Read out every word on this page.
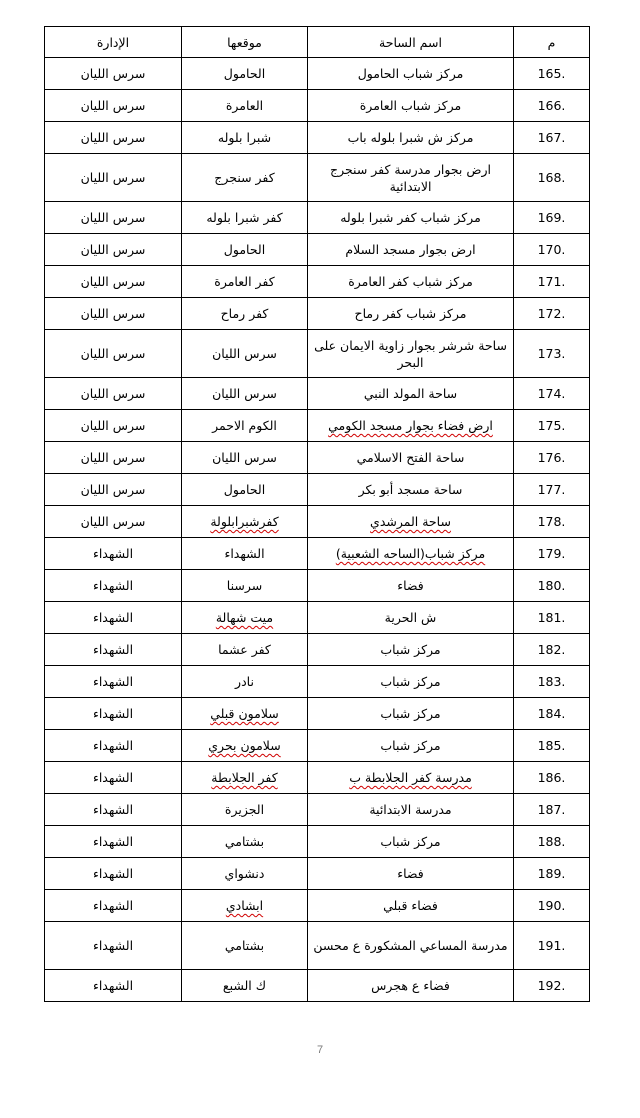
م	اسم الساحة	موقعها	الإدارة
165.	مركز شباب الحامول	الحامول	سرس الليان
166.	مركز شباب العامرة	العامرة	سرس الليان
167.	مركز ش شبرا بلوله باب	شبرا بلوله	سرس الليان
168.	ارض بجوار مدرسة كفر سنجرج الابتدائية	كفر سنجرج	سرس الليان
169.	مركز شباب كفر شبرا بلوله	كفر شبرا بلوله	سرس الليان
170.	ارض بجوار مسجد السلام	الحامول	سرس الليان
171.	مركز شباب كفر العامرة	كفر العامرة	سرس الليان
172.	مركز شباب كفر رماح	كفر رماح	سرس الليان
173.	ساحة شرشر بجوار زاوية الايمان على البحر	سرس الليان	سرس الليان
174.	ساحة المولد النبي	سرس الليان	سرس الليان
175.	ارض فضاء بجوار مسجد الكومي	الكوم الاحمر	سرس الليان
176.	ساحة الفتح الاسلامي	سرس الليان	سرس الليان
177.	ساحة مسجد أبو بكر	الحامول	سرس الليان
178.	ساحة المرشدي	كفرشبرابلولة	سرس الليان
179.	مركز شباب(الساحه الشعبية)	الشهداء	الشهداء
180.	فضاء	سرسنا	الشهداء
181.	ش الحرية	ميت شهالة	الشهداء
182.	مركز شباب	كفر عشما	الشهداء
183.	مركز شباب	نادر	الشهداء
184.	مركز شباب	سلامون قبلي	الشهداء
185.	مركز شباب	سلامون بحري	الشهداء
186.	مدرسة كفر الجلابطة ب	كفر الجلابطة	الشهداء
187.	مدرسة الابتدائية	الجزيرة	الشهداء
188.	مركز شباب	بشتامي	الشهداء
189.	فضاء	دنشواي	الشهداء
190.	فضاء قبلي	ابشادي	الشهداء
191.	مدرسة المساعي المشكورة ع محسن	بشتامي	الشهداء
192.	فضاء ع هجرس	ك الشبع	الشهداء
7
